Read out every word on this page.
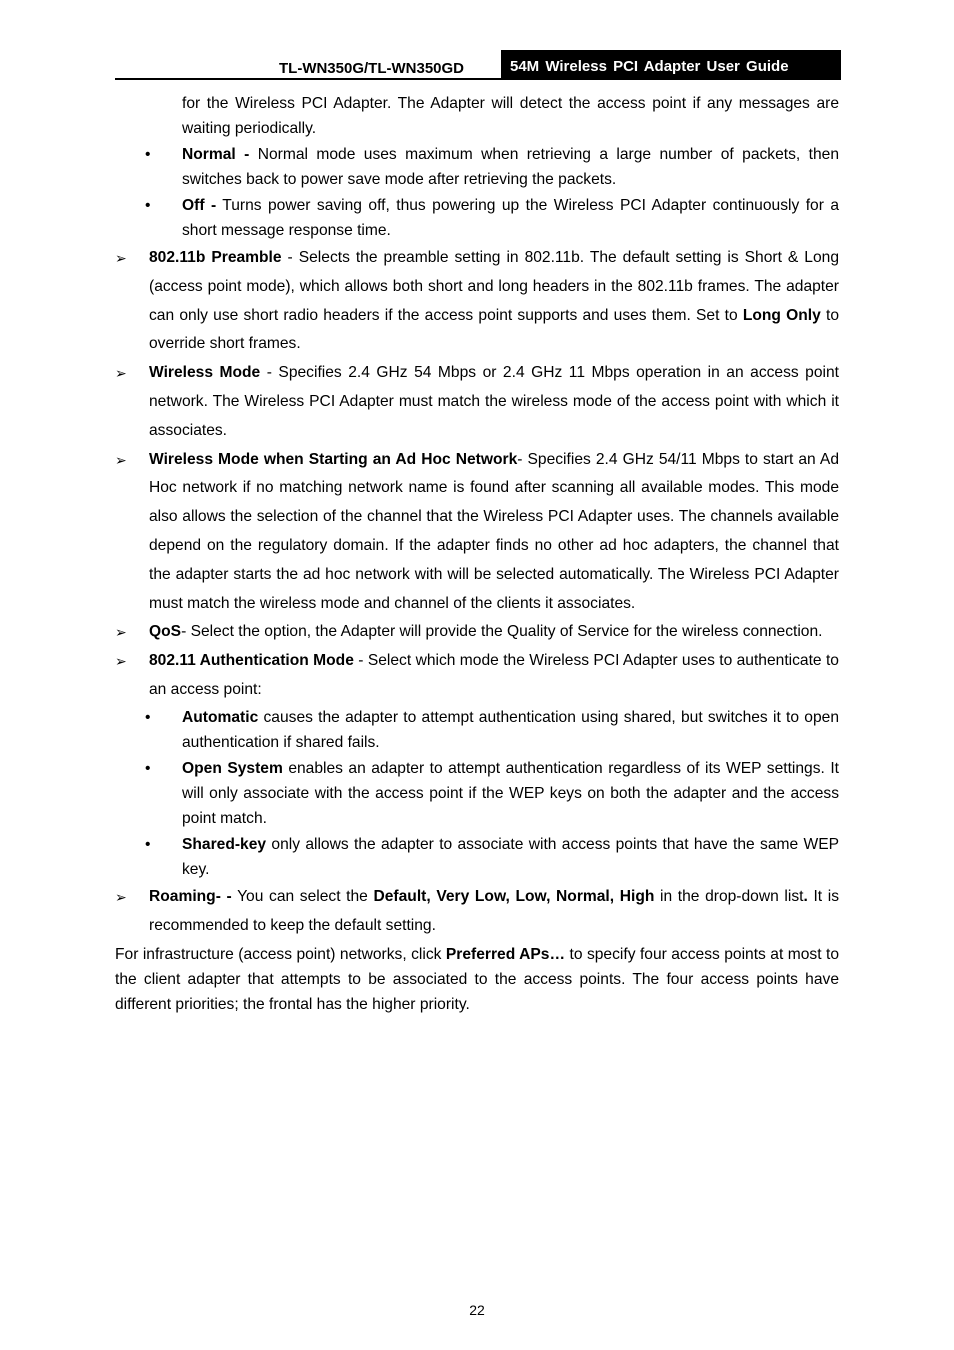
TL-WN350G/TL-WN350GD	54M Wireless PCI Adapter User Guide
for the Wireless PCI Adapter. The Adapter will detect the access point if any messages are waiting periodically.
• Normal - Normal mode uses maximum when retrieving a large number of packets, then switches back to power save mode after retrieving the packets.
• Off - Turns power saving off, thus powering up the Wireless PCI Adapter continuously for a short message response time.
➢ 802.11b Preamble - Selects the preamble setting in 802.11b. The default setting is Short & Long (access point mode), which allows both short and long headers in the 802.11b frames. The adapter can only use short radio headers if the access point supports and uses them. Set to Long Only to override short frames.
➢ Wireless Mode - Specifies 2.4 GHz 54 Mbps or 2.4 GHz 11 Mbps operation in an access point network. The Wireless PCI Adapter must match the wireless mode of the access point with which it associates.
➢ Wireless Mode when Starting an Ad Hoc Network- Specifies 2.4 GHz 54/11 Mbps to start an Ad Hoc network if no matching network name is found after scanning all available modes. This mode also allows the selection of the channel that the Wireless PCI Adapter uses. The channels available depend on the regulatory domain. If the adapter finds no other ad hoc adapters, the channel that the adapter starts the ad hoc network with will be selected automatically. The Wireless PCI Adapter must match the wireless mode and channel of the clients it associates.
➢ QoS- Select the option, the Adapter will provide the Quality of Service for the wireless connection.
➢ 802.11 Authentication Mode - Select which mode the Wireless PCI Adapter uses to authenticate to an access point:
• Automatic causes the adapter to attempt authentication using shared, but switches it to open authentication if shared fails.
• Open System enables an adapter to attempt authentication regardless of its WEP settings. It will only associate with the access point if the WEP keys on both the adapter and the access point match.
• Shared-key only allows the adapter to associate with access points that have the same WEP key.
➢ Roaming- - You can select the Default, Very Low, Low, Normal, High in the drop-down list. It is recommended to keep the default setting.
For infrastructure (access point) networks, click Preferred APs… to specify four access points at most to the client adapter that attempts to be associated to the access points. The four access points have different priorities; the frontal has the higher priority.
22
